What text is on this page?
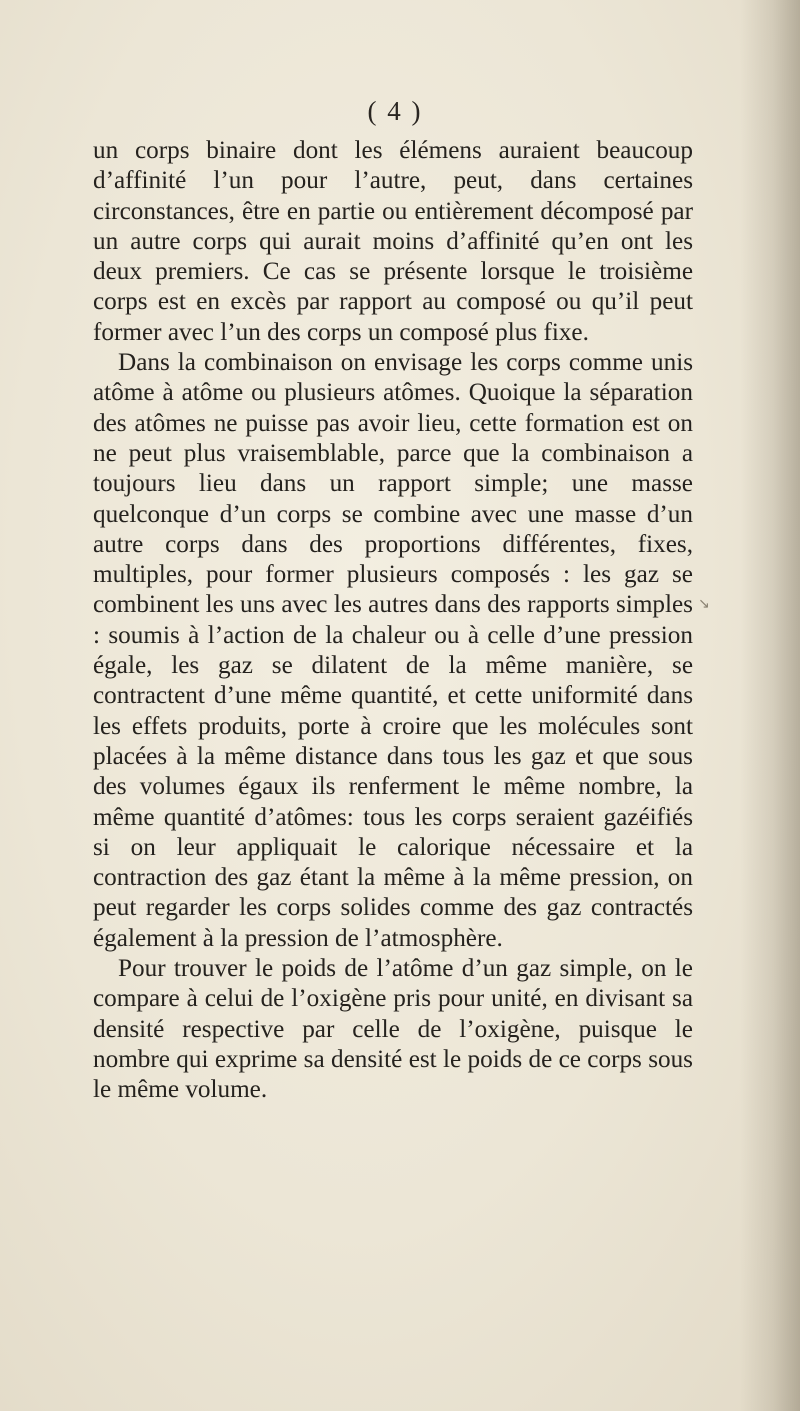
( 4 )

un corps binaire dont les élémens auraient beaucoup d’affinité l’un pour l’autre, peut, dans certaines circonstances, être en partie ou entièrement décomposé par un autre corps qui aurait moins d’affinité qu’en ont les deux premiers. Ce cas se présente lorsque le troisième corps est en excès par rapport au composé ou qu’il peut former avec l’un des corps un composé plus fixe.

Dans la combinaison on envisage les corps comme unis atôme à atôme ou plusieurs atômes. Quoique la séparation des atômes ne puisse pas avoir lieu, cette formation est on ne peut plus vraisemblable, parce que la combinaison a toujours lieu dans un rapport simple; une masse quelconque d’un corps se combine avec une masse d’un autre corps dans des proportions différentes, fixes, multiples, pour former plusieurs composés : les gaz se combinent les uns avec les autres dans des rapports simples : soumis à l’action de la chaleur ou à celle d’une pression égale, les gaz se dilatent de la même manière, se contractent d’une même quantité, et cette uniformité dans les effets produits, porte à croire que les molécules sont placées à la même distance dans tous les gaz et que sous des volumes égaux ils renferment le même nombre, la même quantité d’atômes: tous les corps seraient gazéifiés si on leur appliquait le calorique nécessaire et la contraction des gaz étant la même à la même pression, on peut regarder les corps solides comme des gaz contractés également à la pression de l’atmosphère.

Pour trouver le poids de l’atôme d’un gaz simple, on le compare à celui de l’oxigène pris pour unité, en divisant sa densité respective par celle de l’oxigène, puisque le nombre qui exprime sa densité est le poids de ce corps sous le même volume.

↘
